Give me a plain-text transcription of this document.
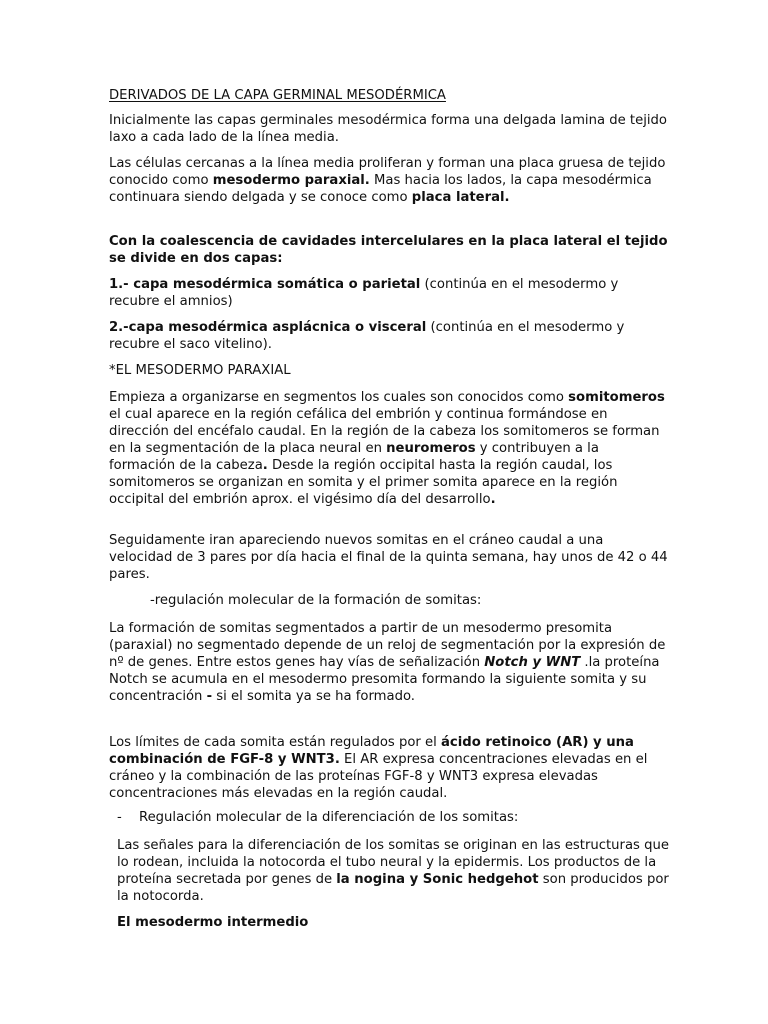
DERIVADOS DE LA CAPA GERMINAL MESODÉRMICA

Inicialmente las capas germinales mesodérmica forma una delgada lamina de tejido laxo a cada lado de la línea media.

Las células cercanas a la línea media proliferan y forman una placa gruesa de tejido conocido como mesodermo paraxial. Mas hacia los lados, la capa mesodérmica continuara siendo delgada y se conoce como placa lateral.

Con la coalescencia de cavidades intercelulares en la placa lateral el tejido se divide en dos capas:

1.- capa mesodérmica somática o parietal (continúa en el mesodermo y recubre el amnios)

2.-capa mesodérmica asplácnica o visceral (continúa en el mesodermo y recubre el saco vitelino).

*EL MESODERMO PARAXIAL

Empieza a organizarse en segmentos los cuales son conocidos como somitomeros el cual aparece en la región cefálica del embrión y continua formándose en dirección del encéfalo caudal. En la región de la cabeza los somitomeros se forman en la segmentación de la placa neural en neuromeros y contribuyen a la formación de la cabeza. Desde la región occipital hasta la región caudal, los somitomeros se organizan en somita y el primer somita aparece en la región occipital del embrión aprox. el vigésimo día del desarrollo.

Seguidamente iran apareciendo nuevos somitas en el cráneo caudal a una velocidad de 3 pares por día hacia el final de la quinta semana, hay unos de 42 o 44 pares.

-regulación molecular de la formación de somitas:

La formación de somitas segmentados a partir de un mesodermo presomita (paraxial) no segmentado depende de un reloj de segmentación por la expresión de nº de genes. Entre estos genes hay vías de señalización Notch y WNT .la proteína Notch se acumula en el mesodermo presomita formando la siguiente somita y su concentración - si el somita ya se ha formado.

Los límites de cada somita están regulados por el ácido retinoico (AR) y una combinación de FGF-8 y WNT3. El AR expresa concentraciones elevadas en el cráneo y la combinación de las proteínas FGF-8 y WNT3 expresa elevadas concentraciones más elevadas en la región caudal.

- Regulación molecular de la diferenciación de los somitas:

Las señales para la diferenciación de los somitas se originan en las estructuras que lo rodean, incluida la notocorda el tubo neural y la epidermis. Los productos de la proteína secretada por genes de la nogina y Sonic hedgehot son producidos por la notocorda.

El mesodermo intermedio
